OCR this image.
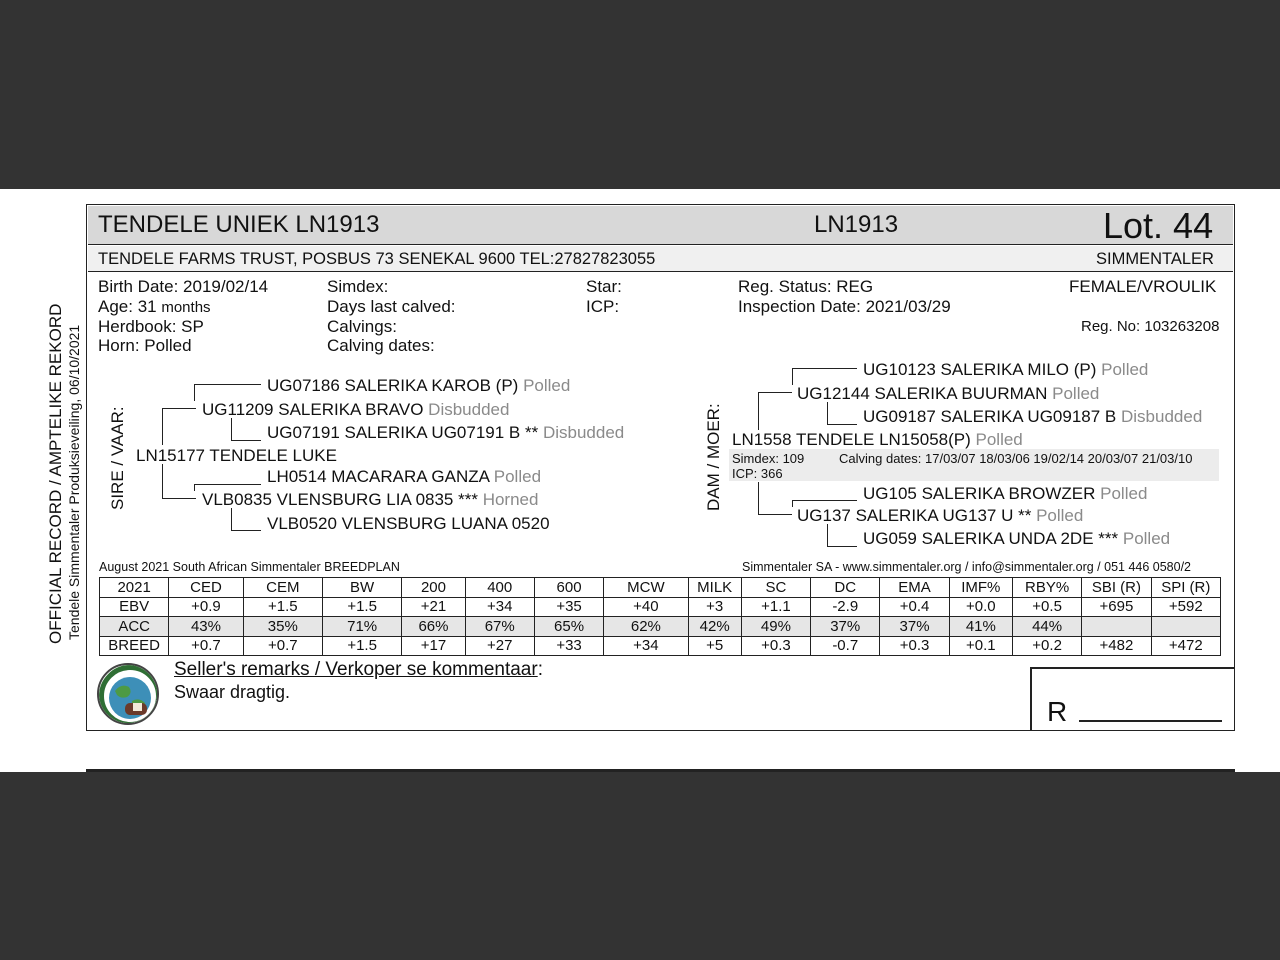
TENDELE UNIEK LN1913	LN1913	Lot. 44
TENDELE FARMS TRUST, POSBUS 73 SENEKAL 9600 TEL:27827823055	SIMMENTALER
Birth Date: 2019/02/14
Age: 31 months
Herdbook: SP
Horn: Polled
Simdex:
Days last calved:
Calvings:
Calving dates:
Star:
ICP:
Reg. Status: REG
Inspection Date: 2021/03/29
FEMALE/VROULIK
Reg. No: 103263208
OFFICIAL RECORD / AMPTELIKE REKORD Tendele Simmentaler Produksieveiling, 06/10/2021 SIRE / VAAR:	DAM / MOER:
UG07186 SALERIKA KAROB (P) Polled
UG11209 SALERIKA BRAVO Disbudded
UG07191 SALERIKA UG07191 B ** Disbudded
LN15177 TENDELE LUKE
LH0514 MACARARA GANZA Polled
VLB0835 VLENSBURG LIA 0835 *** Horned
VLB0520 VLENSBURG LUANA 0520
UG10123 SALERIKA MILO (P) Polled
UG12144 SALERIKA BUURMAN Polled
UG09187 SALERIKA UG09187 B Disbudded
LN1558 TENDELE LN15058(P) Polled
Simdex: 109	Calving dates: 17/03/07 18/03/06 19/02/14 20/03/07 21/03/10
ICP: 366
UG105 SALERIKA BROWZER Polled
UG137 SALERIKA UG137 U ** Polled
UG059 SALERIKA UNDA 2DE *** Polled
August 2021 South African Simmentaler BREEDPLAN	Simmentaler SA - www.simmentaler.org / info@simmentaler.org / 051 446 0580/2
2021	CED	CEM	BW	200	400	600	MCW	MILK	SC	DC	EMA	IMF%	RBY%	SBI (R)	SPI (R)
EBV	+0.9	+1.5	+1.5	+21	+34	+35	+40	+3	+1.1	-2.9	+0.4	+0.0	+0.5	+695	+592
ACC	43%	35%	71%	66%	67%	65%	62%	42%	49%	37%	37%	41%	44%		
BREED	+0.7	+0.7	+1.5	+17	+27	+33	+34	+5	+0.3	-0.7	+0.3	+0.1	+0.2	+482	+472
Seller's remarks / Verkoper se kommentaar:
Swaar dragtig.
R
